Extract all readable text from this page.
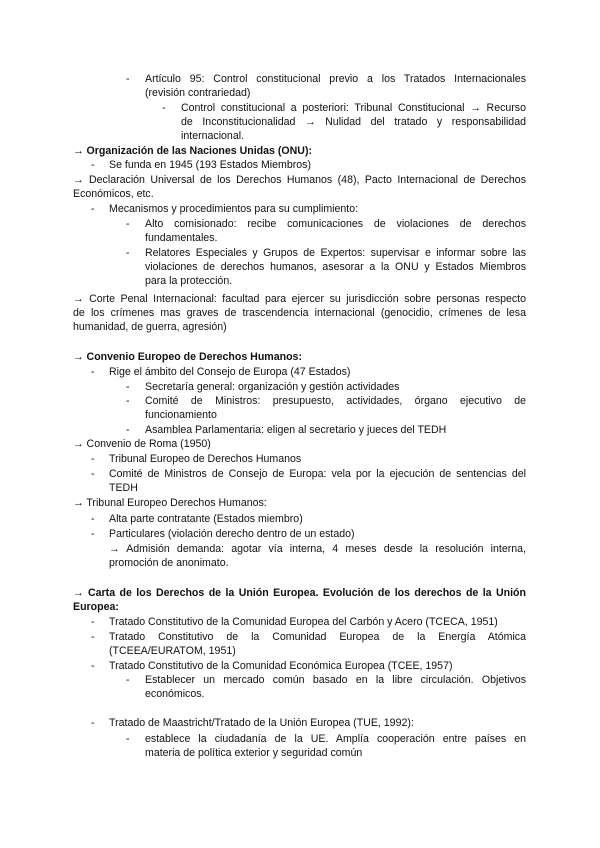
- Artículo 95: Control constitucional previo a los Tratados Internacionales
(revisión contrariedad)
- Control constitucional a posteriori: Tribunal Constitucional → Recurso
de Inconstitucionalidad → Nulidad del tratado y responsabilidad
internacional.
→ Organización de las Naciones Unidas (ONU):
- Se funda en 1945 (193 Estados Miembros)
→ Declaración Universal de los Derechos Humanos (48), Pacto Internacional de Derechos
Económicos, etc.
- Mecanismos y procedimientos para su cumplimiento:
- Alto comisionado: recibe comunicaciones de violaciones de derechos
fundamentales.
- Relatores Especiales y Grupos de Expertos: supervisar e informar sobre las
violaciones de derechos humanos, asesorar a la ONU y Estados Miembros
para la protección.
→ Corte Penal Internacional: facultad para ejercer su jurisdicción sobre personas respecto
de los crímenes mas graves de trascendencia internacional (genocidio, crímenes de lesa
humanidad, de guerra, agresión)
→ Convenio Europeo de Derechos Humanos:
- Rige el ámbito del Consejo de Europa (47 Estados)
- Secretaría general: organización y gestión actividades
- Comité de Ministros: presupuesto, actividades, órgano ejecutivo de
funcionamiento
- Asamblea Parlamentaria: eligen al secretario y jueces del TEDH
→ Convenio de Roma (1950)
- Tribunal Europeo de Derechos Humanos
- Comité de Ministros de Consejo de Europa: vela por la ejecución de sentencias del
TEDH
→ Tribunal Europeo Derechos Humanos:
- Alta parte contratante (Estados miembro)
- Particulares (violación derecho dentro de un estado)
→ Admisión demanda: agotar vía interna, 4 meses desde la resolución interna,
promoción de anonimato.
→ Carta de los Derechos de la Unión Europea. Evolución de los derechos de la Unión
Europea:
- Tratado Constitutivo de la Comunidad Europea del Carbón y Acero (TCECA, 1951)
- Tratado Constitutivo de la Comunidad Europea de la Energía Atómica
(TCEEA/EURATOM, 1951)
- Tratado Constitutivo de la Comunidad Económica Europea (TCEE, 1957)
- Establecer un mercado común basado en la libre circulación. Objetivos
económicos.
- Tratado de Maastricht/Tratado de la Unión Europea (TUE, 1992):
- establece la ciudadanía de la UE. Amplía cooperación entre países en
materia de política exterior y seguridad común
